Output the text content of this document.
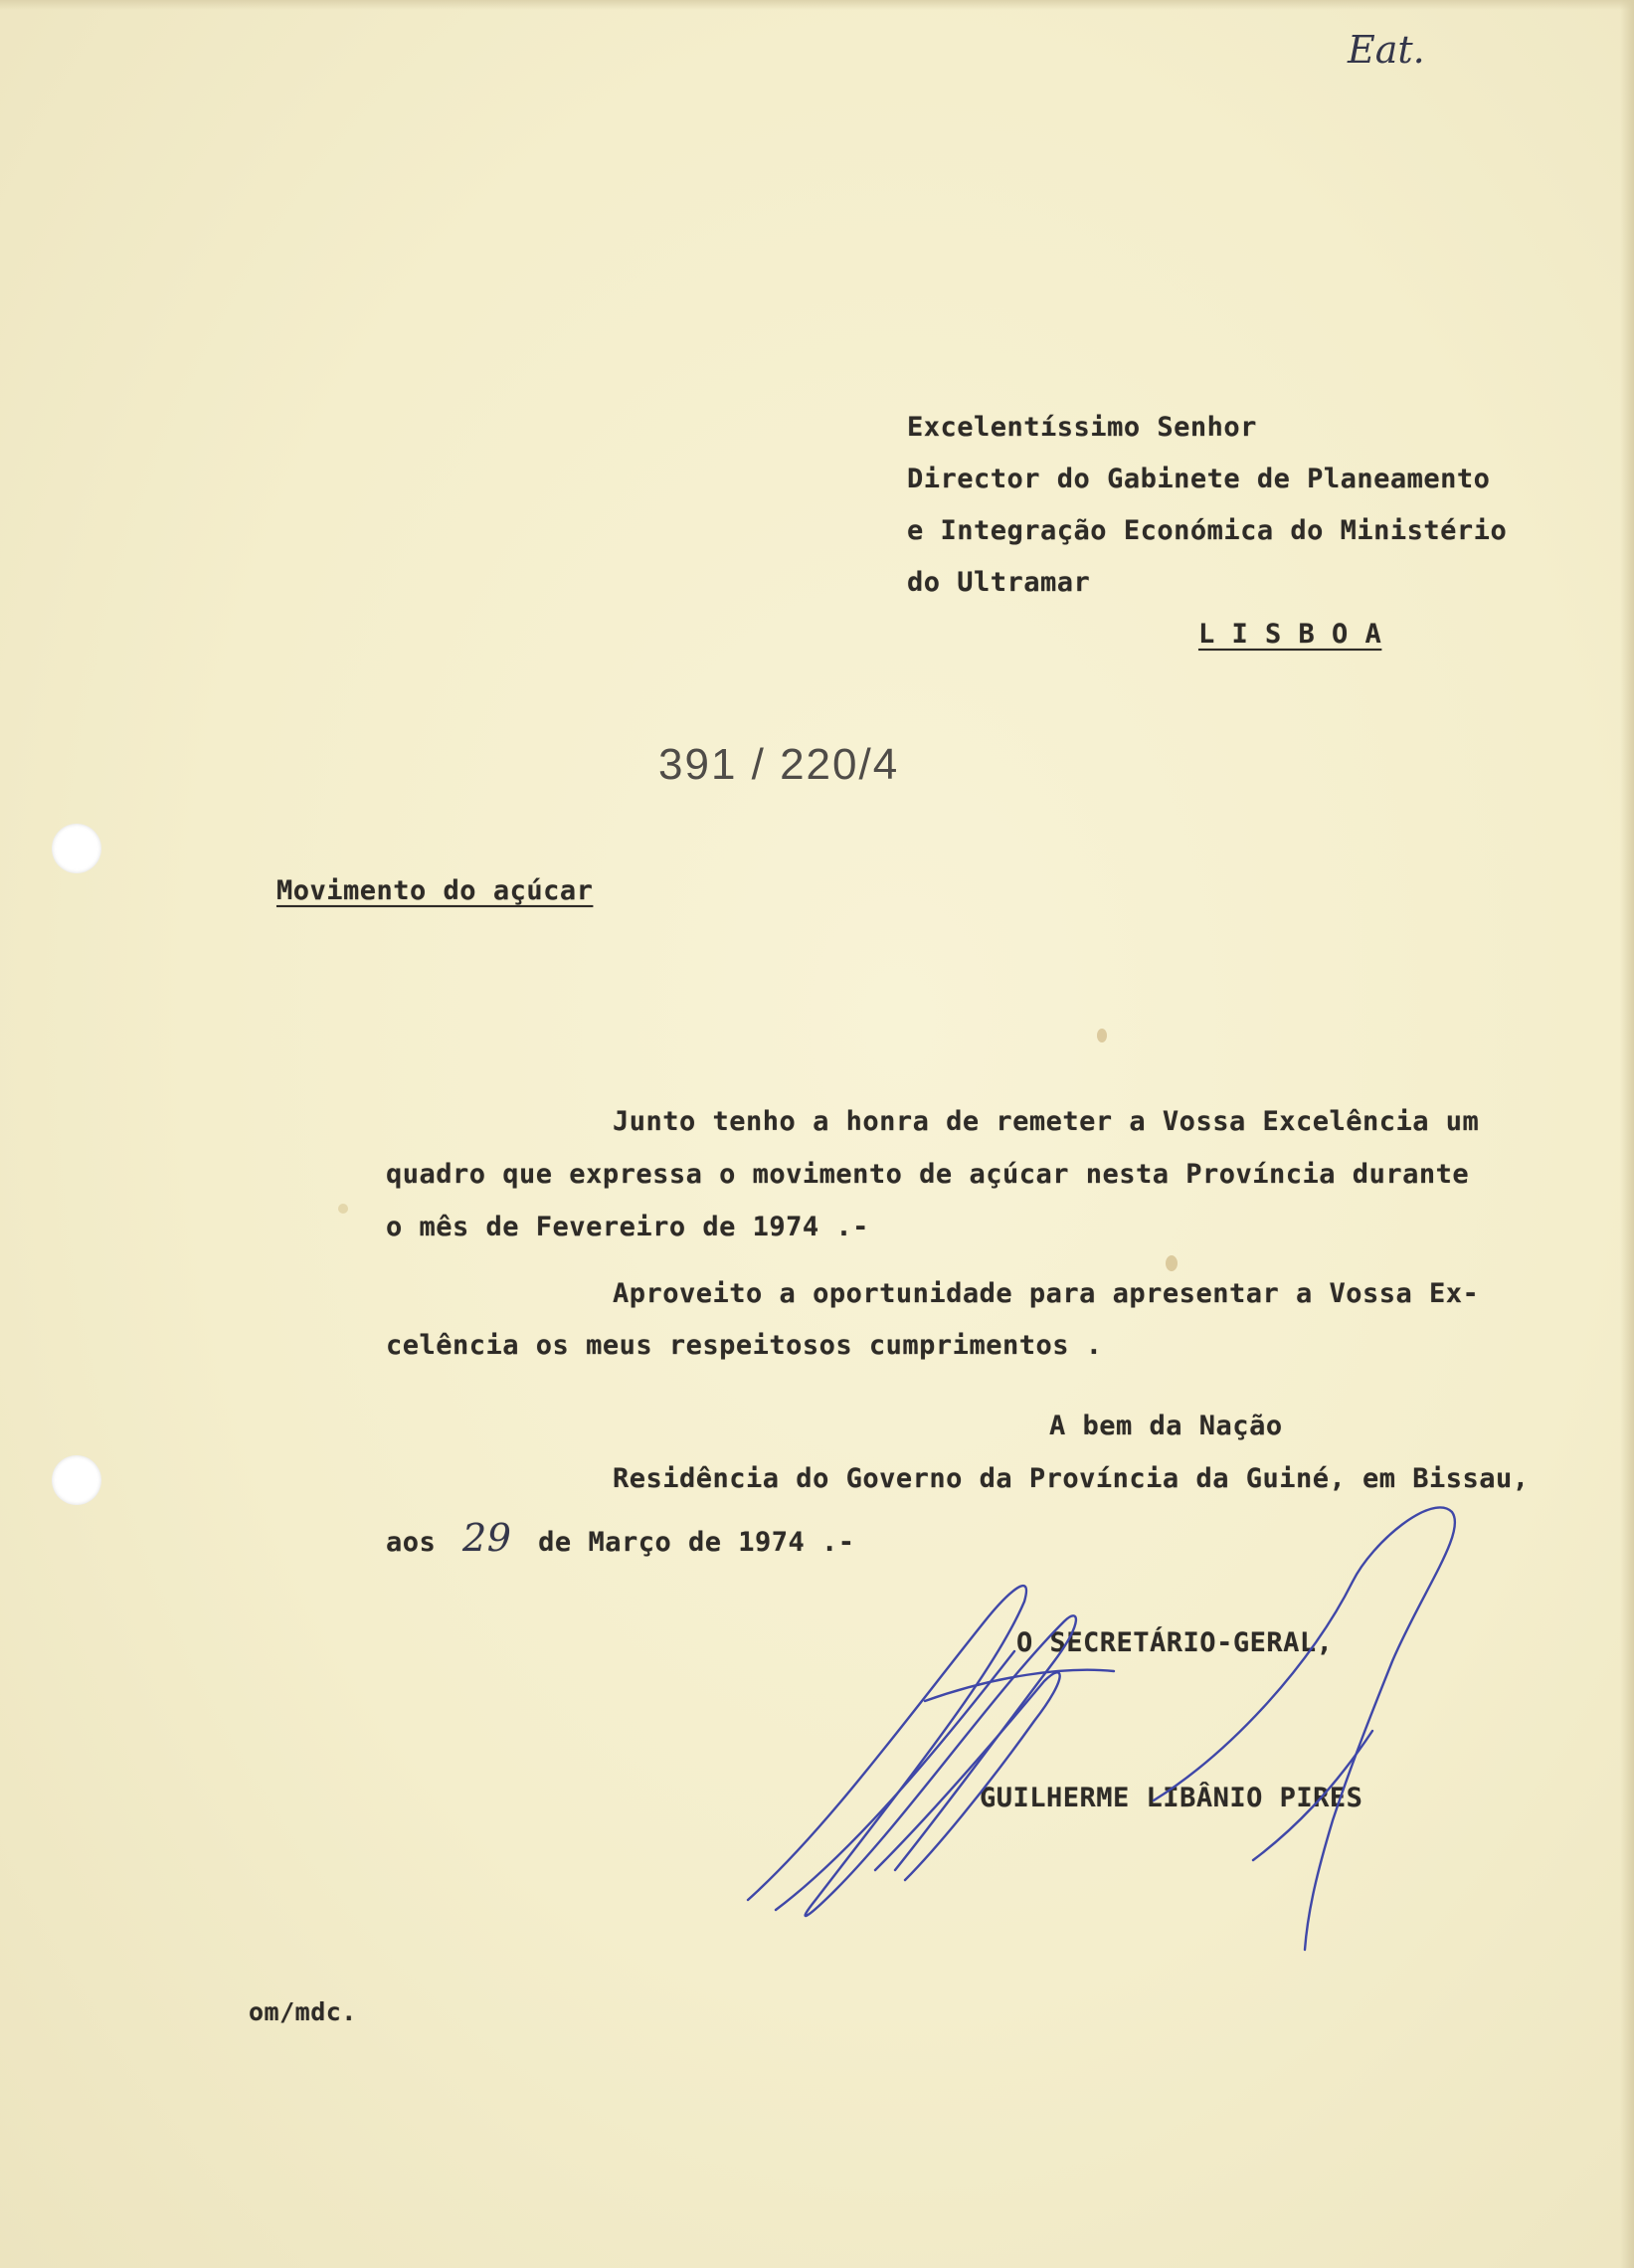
Eat.
Excelentíssimo Senhor
Director do Gabinete de Planeamento
e Integração Económica do Ministério
do Ultramar
L I S B O A
391 / 220/4
Movimento do açúcar
Junto tenho a honra de remeter a Vossa Excelência um
quadro que expressa o movimento de açúcar nesta Província durante
o mês de Fevereiro de 1974 .-
Aproveito a oportunidade para apresentar a Vossa Ex-
celência os meus respeitosos cumprimentos .
A bem da Nação
Residência do Governo da Província da Guiné, em Bissau,
aos 29 de Março de 1974 .-
O SECRETÁRIO-GERAL,
GUILHERME LIBÂNIO PIRES
om/mdc.
